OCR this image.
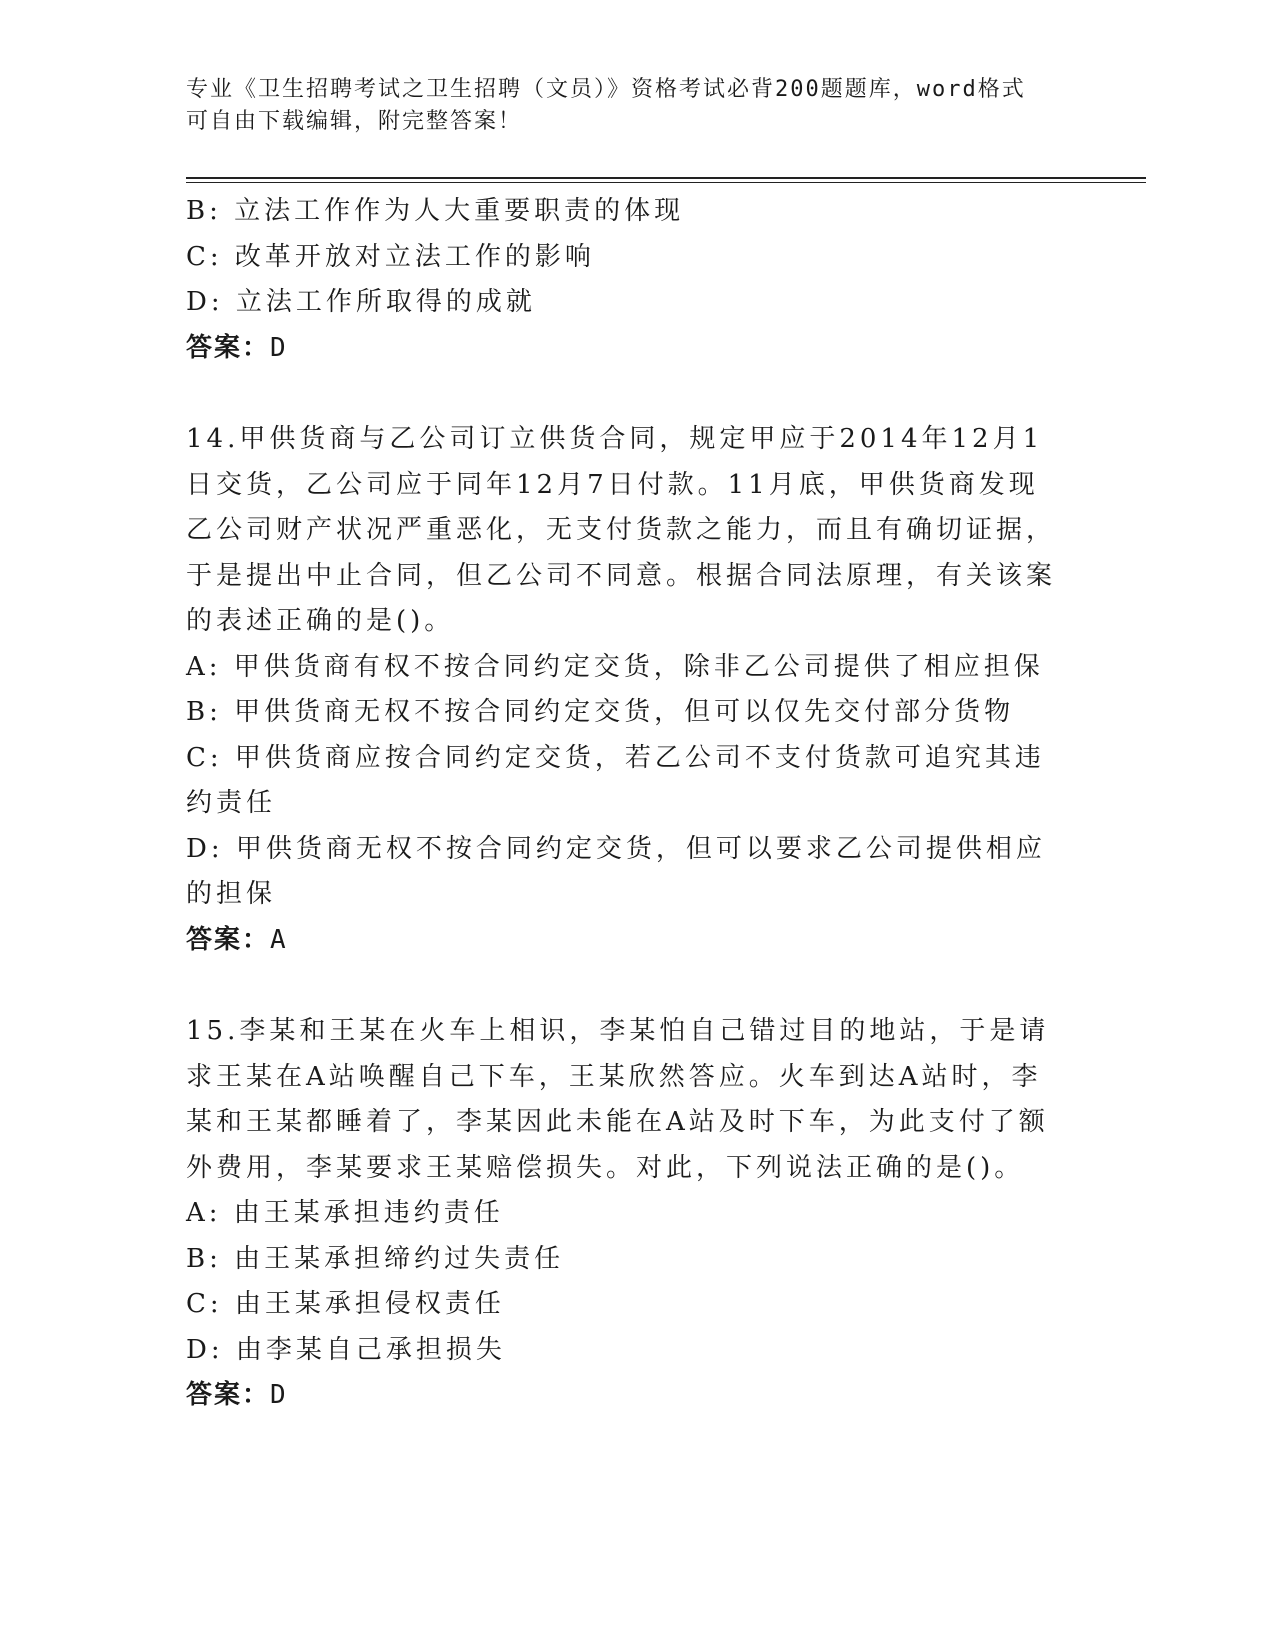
专业《卫生招聘考试之卫生招聘（文员）》资格考试必背200题题库，word格式
可自由下载编辑，附完整答案！

B: 立法工作作为人大重要职责的体现

C: 改革开放对立法工作的影响

D: 立法工作所取得的成就

答案：D

14.甲供货商与乙公司订立供货合同，规定甲应于2014年12月1日交货，乙公司应于同年12月7日付款。11月底，甲供货商发现乙公司财产状况严重恶化，无支付货款之能力，而且有确切证据，于是提出中止合同，但乙公司不同意。根据合同法原理，有关该案的表述正确的是()。

A: 甲供货商有权不按合同约定交货，除非乙公司提供了相应担保

B: 甲供货商无权不按合同约定交货，但可以仅先交付部分货物

C: 甲供货商应按合同约定交货，若乙公司不支付货款可追究其违约责任

D: 甲供货商无权不按合同约定交货，但可以要求乙公司提供相应的担保

答案：A

15.李某和王某在火车上相识，李某怕自己错过目的地站，于是请求王某在A站唤醒自己下车，王某欣然答应。火车到达A站时，李某和王某都睡着了，李某因此未能在A站及时下车，为此支付了额外费用，李某要求王某赔偿损失。对此，下列说法正确的是()。

A: 由王某承担违约责任

B: 由王某承担缔约过失责任

C: 由王某承担侵权责任

D: 由李某自己承担损失

答案：D
